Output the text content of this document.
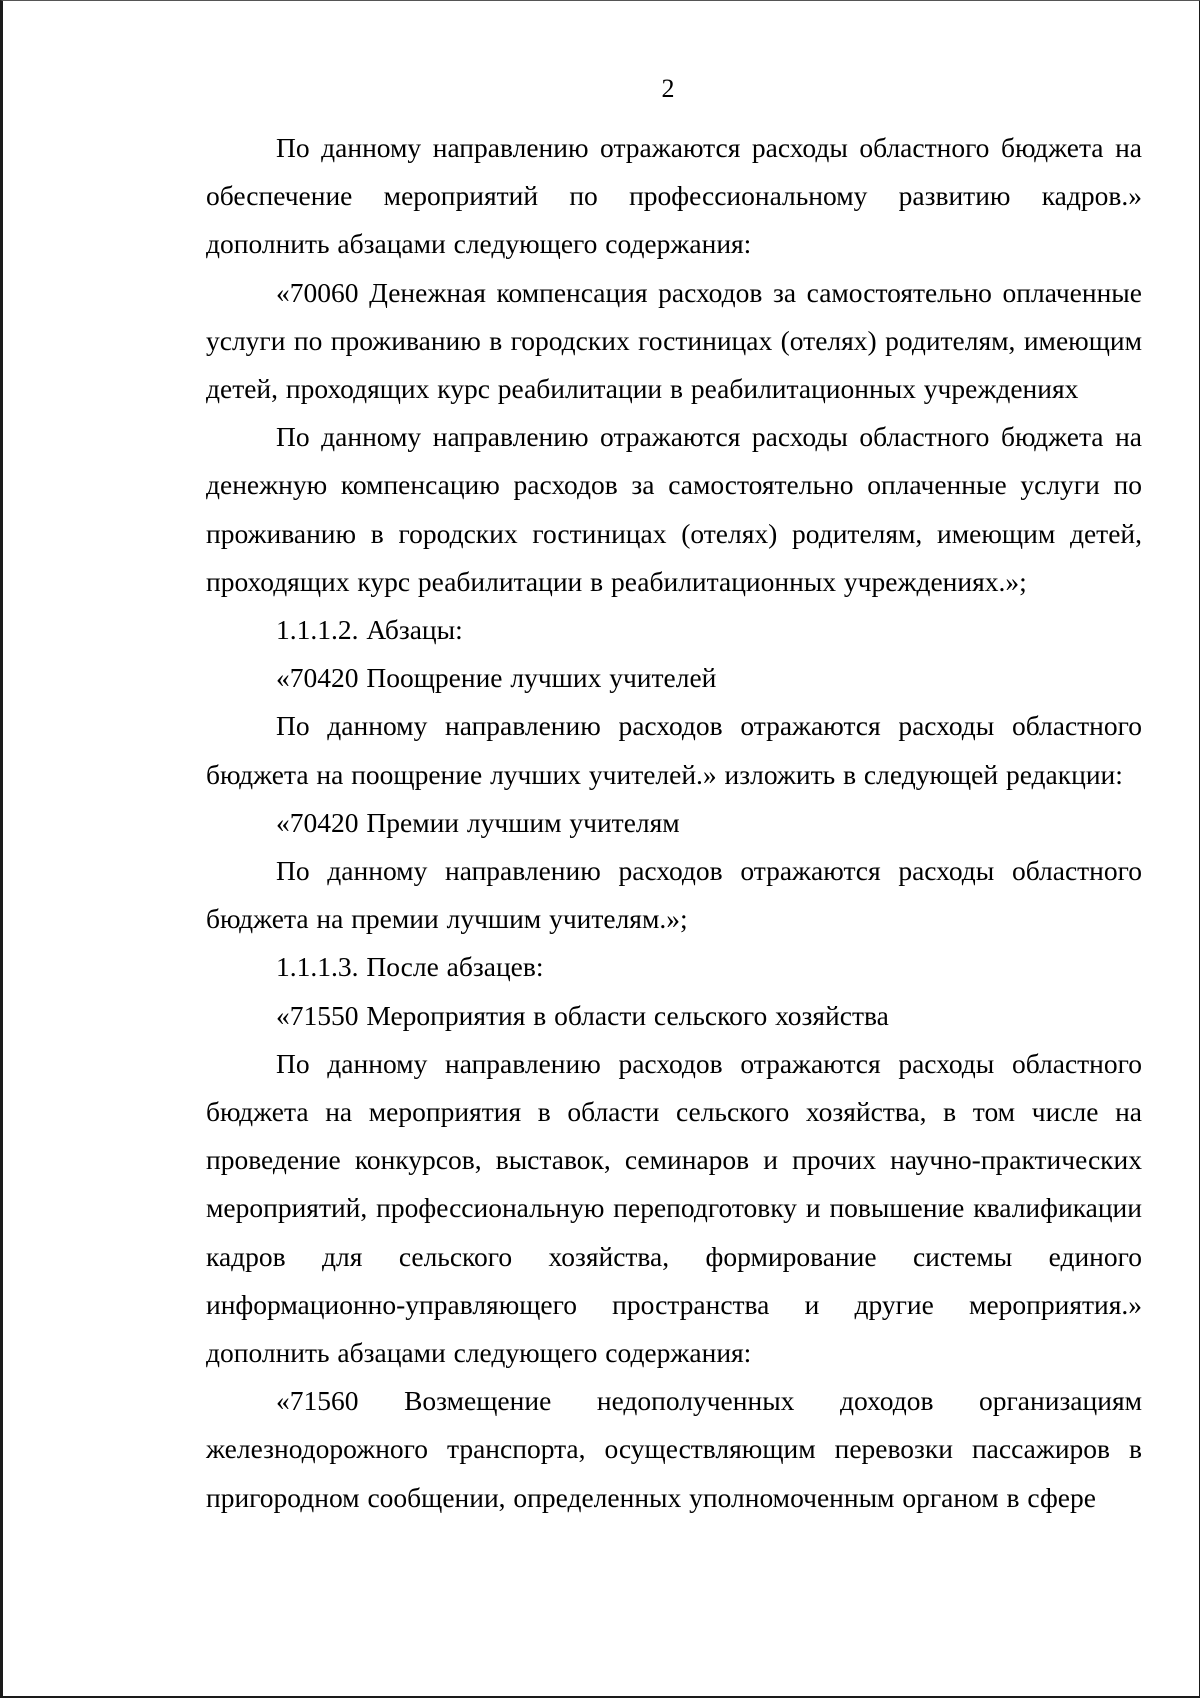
2

По данному направлению отражаются расходы областного бюджета на обеспечение мероприятий по профессиональному развитию кадров.» дополнить абзацами следующего содержания:

«70060 Денежная компенсация расходов за самостоятельно оплаченные услуги по проживанию в городских гостиницах (отелях) родителям, имеющим детей, проходящих курс реабилитации в реабилитационных учреждениях

По данному направлению отражаются расходы областного бюджета на денежную компенсацию расходов за самостоятельно оплаченные услуги по проживанию в городских гостиницах (отелях) родителям, имеющим детей, проходящих курс реабилитации в реабилитационных учреждениях.»;

1.1.1.2. Абзацы:

«70420 Поощрение лучших учителей

По данному направлению расходов отражаются расходы областного бюджета на поощрение лучших учителей.» изложить в следующей редакции:

«70420 Премии лучшим учителям

По данному направлению расходов отражаются расходы областного бюджета на премии лучшим учителям.»;

1.1.1.3. После абзацев:

«71550 Мероприятия в области сельского хозяйства

По данному направлению расходов отражаются расходы областного бюджета на мероприятия в области сельского хозяйства, в том числе на проведение конкурсов, выставок, семинаров и прочих научно-практических мероприятий, профессиональную переподготовку и повышение квалификации кадров для сельского хозяйства, формирование системы единого информационно-управляющего пространства и другие мероприятия.» дополнить абзацами следующего содержания:

«71560 Возмещение недополученных доходов организациям железнодорожного транспорта, осуществляющим перевозки пассажиров в пригородном сообщении, определенных уполномоченным органом в сфере
